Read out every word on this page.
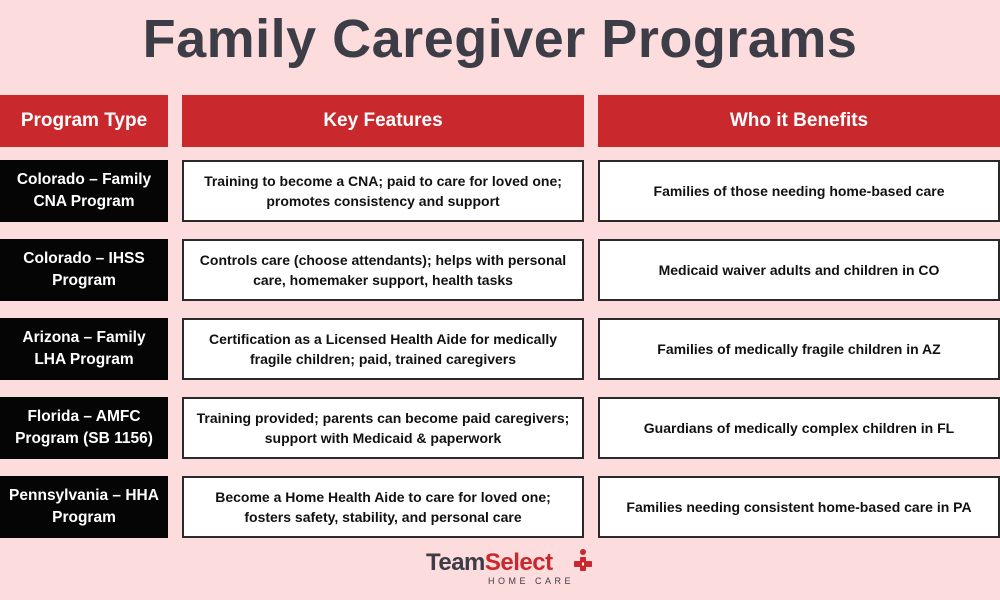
Family Caregiver Programs
Program Type	Key Features	Who it Benefits
Colorado – Family CNA Program
Training to become a CNA; paid to care for loved one; promotes consistency and support
Families of those needing home-based care
Colorado – IHSS Program
Controls care (choose attendants); helps with personal care, homemaker support, health tasks
Medicaid waiver adults and children in CO
Arizona – Family LHA Program
Certification as a Licensed Health Aide for medically fragile children; paid, trained caregivers
Families of medically fragile children in AZ
Florida – AMFC Program (SB 1156)
Training provided; parents can become paid caregivers; support with Medicaid & paperwork
Guardians of medically complex children in FL
Pennsylvania – HHA Program
Become a Home Health Aide to care for loved one; fosters safety, stability, and personal care
Families needing consistent home-based care in PA
TeamSelect
HOME CARE
